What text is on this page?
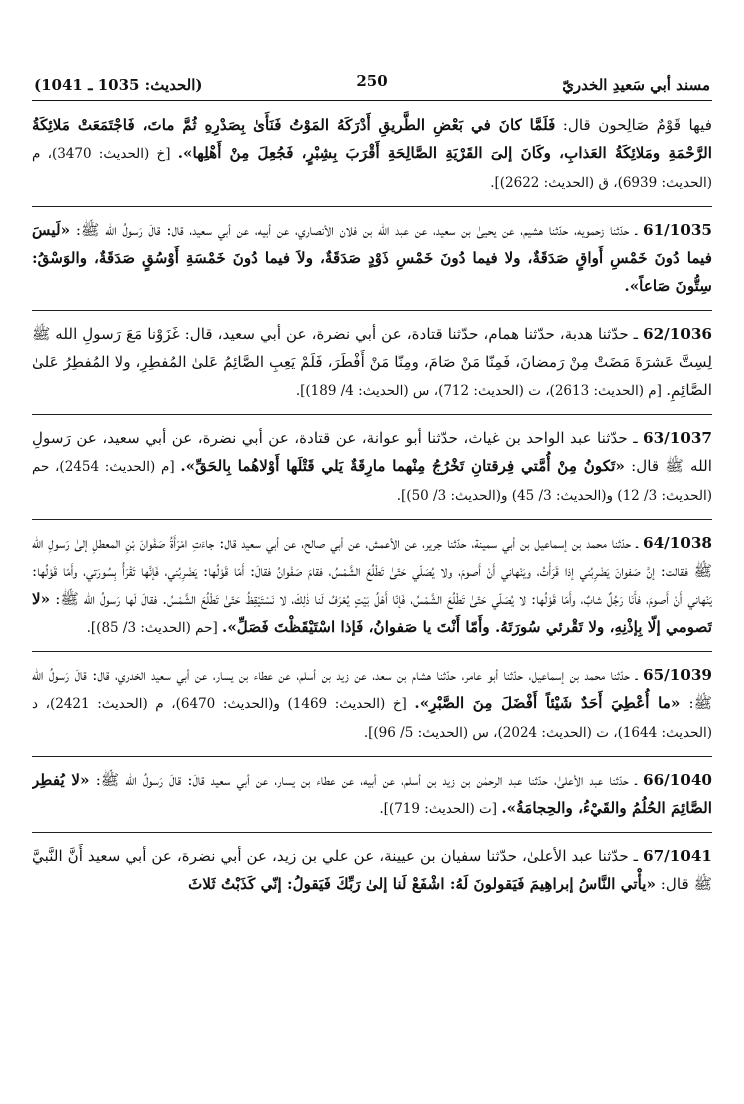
مسند أبي سَعيدِ الخدريّ
250
(الحديث: 1035 ـ 1041)

فيها قَوْمٌ صَالِحون قال: فَلَمَّا كانَ في بَعْضِ الطَّريقِ أَدْرَكَهُ المَوْتُ فَنَأَىٰ بِصَدْرِهِ ثُمَّ ماتَ، فَاجْتَمَعَتْ مَلائِكَةُ الرَّحْمَةِ ومَلائِكَةُ العَذابِ، وكَانَ إلىَ القَرْيَةِ الصَّالِحَةِ أَقْرَبَ بِشِبْرٍ، فَجُعِلَ مِنْ أَهْلِها». [خ (الحديث: 3470)، م (الحديث: 6939)، ق (الحديث: 2622)].

61/1035 ـ حدّثنا زحمويه، حدّثنا هشيم، عن يحيىٰ بن سعيد، عن عبد الله بن فلان الأنصاري، عن أبيه، عن أبي سعيد، قال: قالَ رَسولُ الله ﷺ: «لَيسَ فيما دُونَ خَمْسِ أَواقٍ صَدَقَةٌ، ولا فيما دُونَ خَمْسِ ذَوْدٍ صَدَقَةٌ، ولاَ فيما دُونَ خَمْسَةِ أَوْسُقٍ صَدَقَةٌ، والوَسْقُ: سِتُّونَ صَاعاً».

62/1036 ـ حدّثنا هدبة، حدّثنا همام، حدّثنا قتادة، عن أبي نضرة، عن أبي سعيد، قال: غَزَوْنا مَعَ رَسولِ الله ﷺ لِسِتَّ عَشرَةَ مَضَتْ مِنْ رَمضانَ، فَمِنّا مَنْ صَامَ، ومِنّا مَنْ أَفْطَرَ، فَلَمْ يَعِبِ الصَّائِمُ عَلىٰ المُفطِرِ، ولا المُفطِرُ عَلىٰ الصَّائِمِ. [م (الحديث: 2613)، ت (الحديث: 712)، س (الحديث: 4/ 189)].

63/1037 ـ حدّثنا عبد الواحد بن غياث، حدّثنا أبو عوانة، عن قتادة، عن أبي نضرة، عن أبي سعيد، عن رَسولِ الله ﷺ قال: «تَكونُ مِنْ أُمَّتي فِرقتانِ تَخْرُجُ مِنْهما مارِقَةٌ يَلي قَتْلَها أَوْلاهُما بِالحَقِّ». [م (الحديث: 2454)، حم (الحديث: 3/ 12) و(الحديث: 3/ 45) و(الحديث: 3/ 50)].

64/1038 ـ حدّثنا محمد بن إسماعيل بن أبي سمينة، حدّثنا جرير، عن الأعمش، عن أبي صالح، عن أبي سعيد قال: جاءَتِ امْرَأَةُ صَفْوانَ بْنِ المعطلِ إلىٰ رَسولِ الله ﷺ فقالت: إنَّ صَفوانَ يَضْرِبُني إذا قَرَأْتُ، ويَنْهاني أَنْ أَصومَ، ولا يُصَلّي حَتّىٰ تَطْلُعَ الشَّمْسُ، فقامَ صَفْوانُ فقالَ: أَمّا قَوْلُها: يَضْرِبُني، فَإنَّها تَقْرَأُ بِسُورَتي، وأَمّا قَوْلُها: يَنْهاني أَنْ أَصومَ، فأَنَا رَجُلٌ شابٌ، وأَمّا قَوْلُها: لا يُصَلّي حَتّىٰ تَطْلُعَ الشَّمْسُ، فَإنّا أَهْلُ بَيْتٍ يُعْرَفُ لَنا ذٰلِكَ، لا نَسْتَيْقِظُ حَتّىٰ تَطْلُعَ الشَّمْسُ. فقالَ لَها رَسولُ الله ﷺ: «لا تَصومي إلّا بِإذْنِهِ، ولا تَقْرئي سُورَتَهُ. وأَمّا أَنْتَ يا صَفوانُ، فَإذا اسْتَيْقَظْتَ فَصَلِّ». [حم (الحديث: 3/ 85)].

65/1039 ـ حدّثنا محمد بن إسماعيل، حدّثنا أبو عامر، حدّثنا هشام بن سعد، عن زيد بن أسلم، عن عطاء بن يسار، عن أبي سعيد الخدري، قال: قالَ رَسولُ الله ﷺ: «ما أُعْطِيَ أَحَدٌ شَيْئاً أَفْضَلَ مِنَ الصَّبْرِ». [خ (الحديث: 1469) و(الحديث: 6470)، م (الحديث: 2421)، د (الحديث: 1644)، ت (الحديث: 2024)، س (الحديث: 5/ 96)].

66/1040 ـ حدّثنا عبد الأعلىٰ، حدّثنا عبد الرحمٰن بن زيد بن أسلم، عن أبيه، عن عطاء بن يسار، عن أبي سعيد قالَ: قالَ رَسولُ الله ﷺ: «لا يُفطِر الصَّائِمَ الحُلُمُ والقَيْءُ، والحِجامَةُ». [ت (الحديث: 719)].

67/1041 ـ حدّثنا عبد الأعلىٰ، حدّثنا سفيان بن عيينة، عن علي بن زيد، عن أبي نضرة، عن أبي سعيد أَنَّ النَّبيَّ ﷺ قال: «يأْتي النَّاسُ إبراهِيمَ فَيَقولونَ لَهُ: اشْفَعْ لَنا إلىٰ رَبِّكَ فَيَقولُ: إنّي كَذَبْتُ ثَلاثَ
